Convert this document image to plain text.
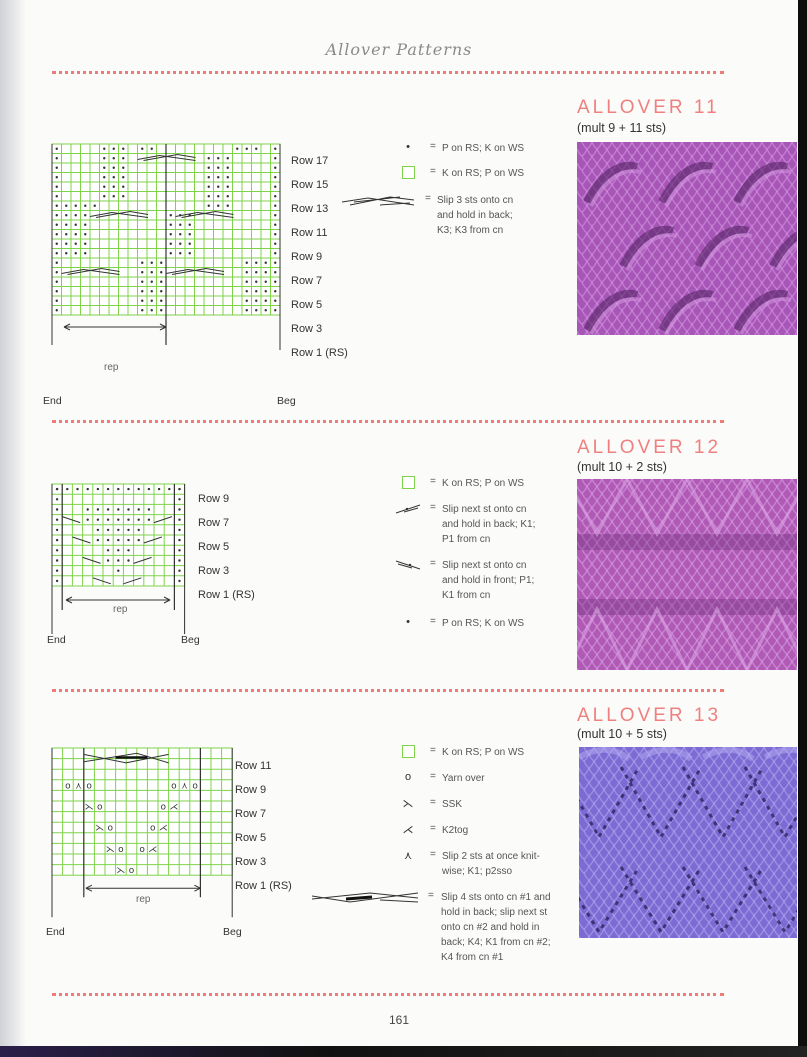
Allover Patterns
ALLOVER 11
(mult 9 + 11 sts)
Row 17
Row 15
Row 13
Row 11
Row 9
Row 7
Row 5
Row 3
Row 1 (RS)
rep
End	Beg
•	= P on RS; K on WS
= K on RS; P on WS
= Slip 3 sts onto cn
and hold in back;
K3; K3 from cn
ALLOVER 12
(mult 10 + 2 sts)
Row 9
Row 7
Row 5
Row 3
Row 1 (RS)
rep
End	Beg
= K on RS; P on WS
= Slip next st onto cn
and hold in back; K1;
P1 from cn
= Slip next st onto cn
and hold in front; P1;
K1 from cn
•	= P on RS; K on WS
ALLOVER 13
(mult 10 + 5 sts)
o ⋏ o	o ⋏ o
⋋ o	o ⋌
⋋ o	o ⋌
⋋ o o ⋌
⋋ o
Row 11
Row 9
Row 7
Row 5
Row 3
Row 1 (RS)
rep
End	Beg
= K on RS; P on WS
o	= Yarn over
⋋	= SSK
⋌	= K2tog
⋏	= Slip 2 sts at once knit-
wise; K1; p2sso
= Slip 4 sts onto cn #1 and
hold in back; slip next st
onto cn #2 and hold in
back; K4; K1 from cn #2;
K4 from cn #1
161
